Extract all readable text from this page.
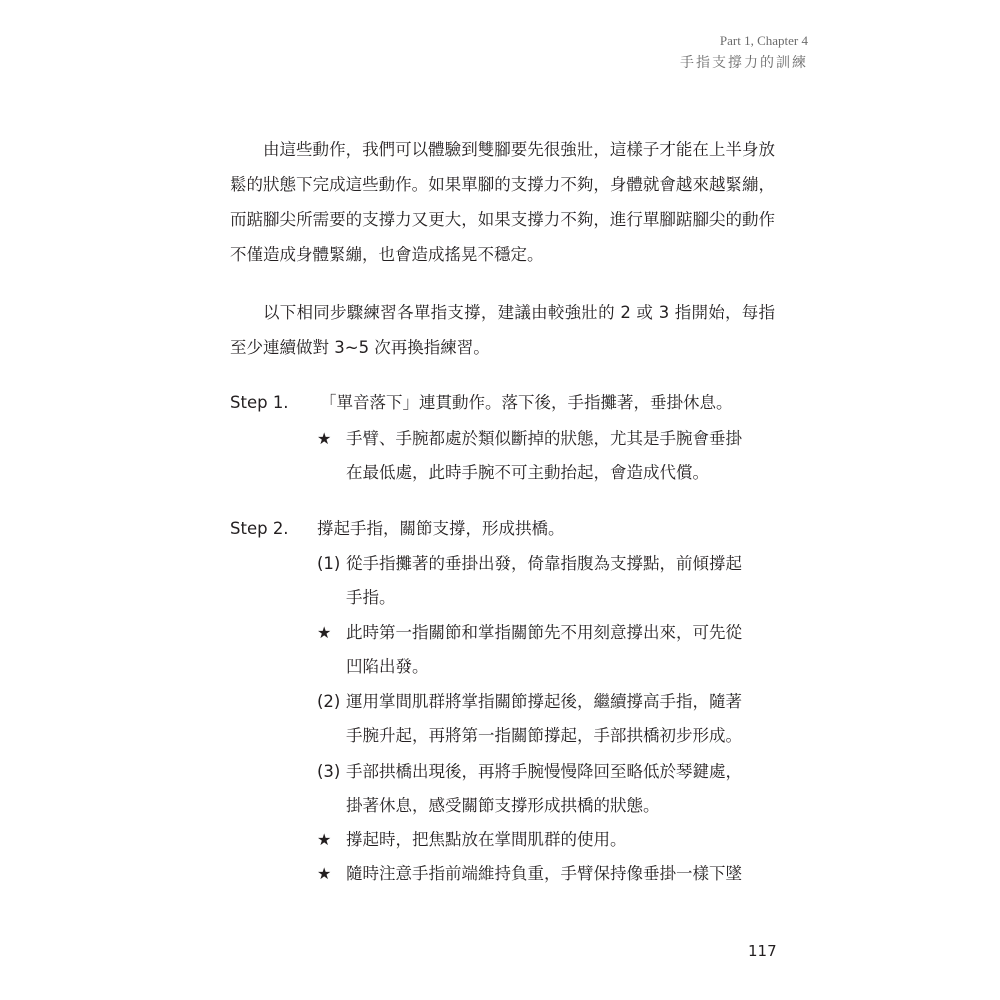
Part 1, Chapter 4
手指支撐力的訓練
由這些動作，我們可以體驗到雙腳要先很強壯，這樣子才能在上半身放鬆的狀態下完成這些動作。如果單腳的支撐力不夠，身體就會越來越緊繃，而踮腳尖所需要的支撐力又更大，如果支撐力不夠，進行單腳踮腳尖的動作不僅造成身體緊繃，也會造成搖晃不穩定。
以下相同步驟練習各單指支撐，建議由較強壯的 2 或 3 指開始，每指至少連續做對 3~5 次再換指練習。
Step 1. 「單音落下」連貫動作。落下後，手指攤著，垂掛休息。
★ 手臂、手腕都處於類似斷掉的狀態，尤其是手腕會垂掛
在最低處，此時手腕不可主動抬起，會造成代償。
Step 2. 撐起手指，關節支撐，形成拱橋。
(1) 從手指攤著的垂掛出發，倚靠指腹為支撐點，前傾撐起
手指。
★ 此時第一指關節和掌指關節先不用刻意撐出來，可先從
凹陷出發。
(2) 運用掌間肌群將掌指關節撐起後，繼續撐高手指，隨著
手腕升起，再將第一指關節撐起，手部拱橋初步形成。
(3) 手部拱橋出現後，再將手腕慢慢降回至略低於琴鍵處，
掛著休息，感受關節支撐形成拱橋的狀態。
★ 撐起時，把焦點放在掌間肌群的使用。
★ 隨時注意手指前端維持負重，手臂保持像垂掛一樣下墜
117
